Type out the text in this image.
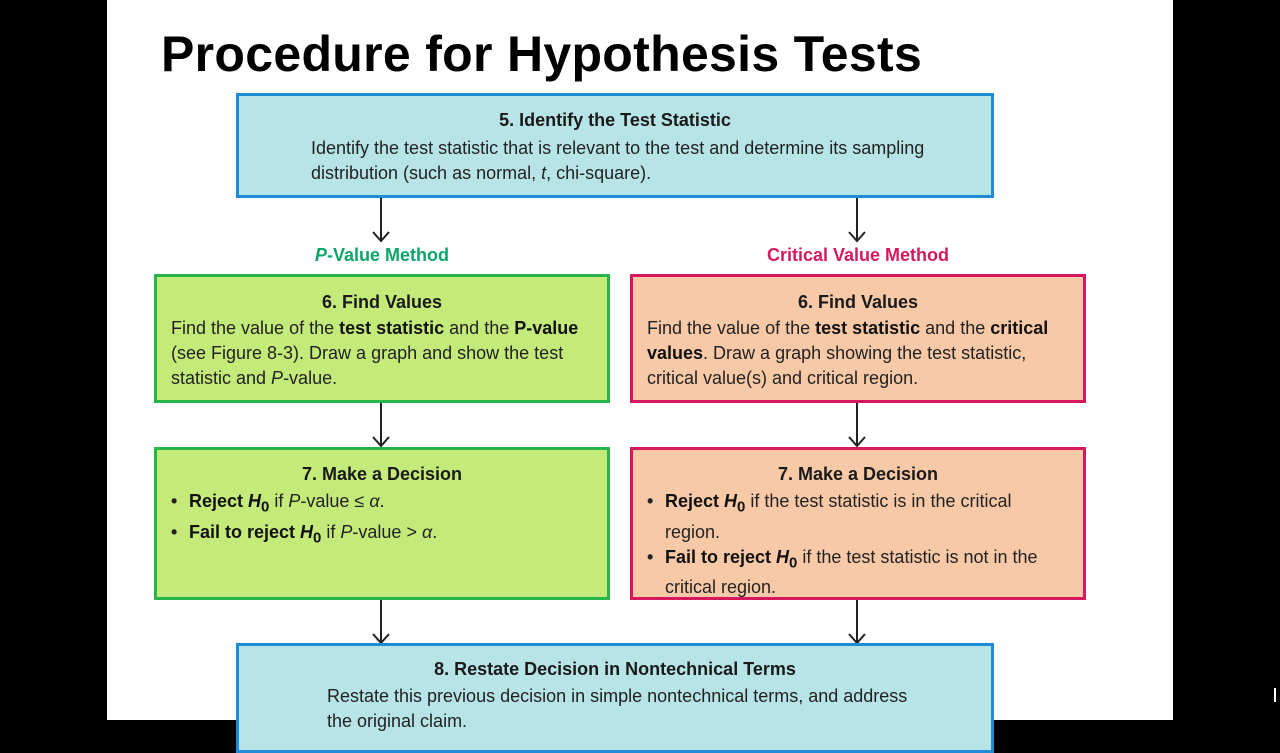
Procedure for Hypothesis Tests
5. Identify the Test Statistic
Identify the test statistic that is relevant to the test and determine its sampling distribution (such as normal, t, chi-square).
P-Value Method	Critical Value Method
6. Find Values
Find the value of the test statistic and the P-value (see Figure 8-3). Draw a graph and show the test statistic and P-value.
6. Find Values
Find the value of the test statistic and the critical values. Draw a graph showing the test statistic, critical value(s) and critical region.
7. Make a Decision
• Reject $H_0$ if P-value ≤ α.
• Fail to reject $H_0$ if P-value > α.
7. Make a Decision
• Reject $H_0$ if the test statistic is in the critical region.
• Fail to reject $H_0$ if the test statistic is not in the critical region.
8. Restate Decision in Nontechnical Terms
Restate this previous decision in simple nontechnical terms, and address the original claim.
